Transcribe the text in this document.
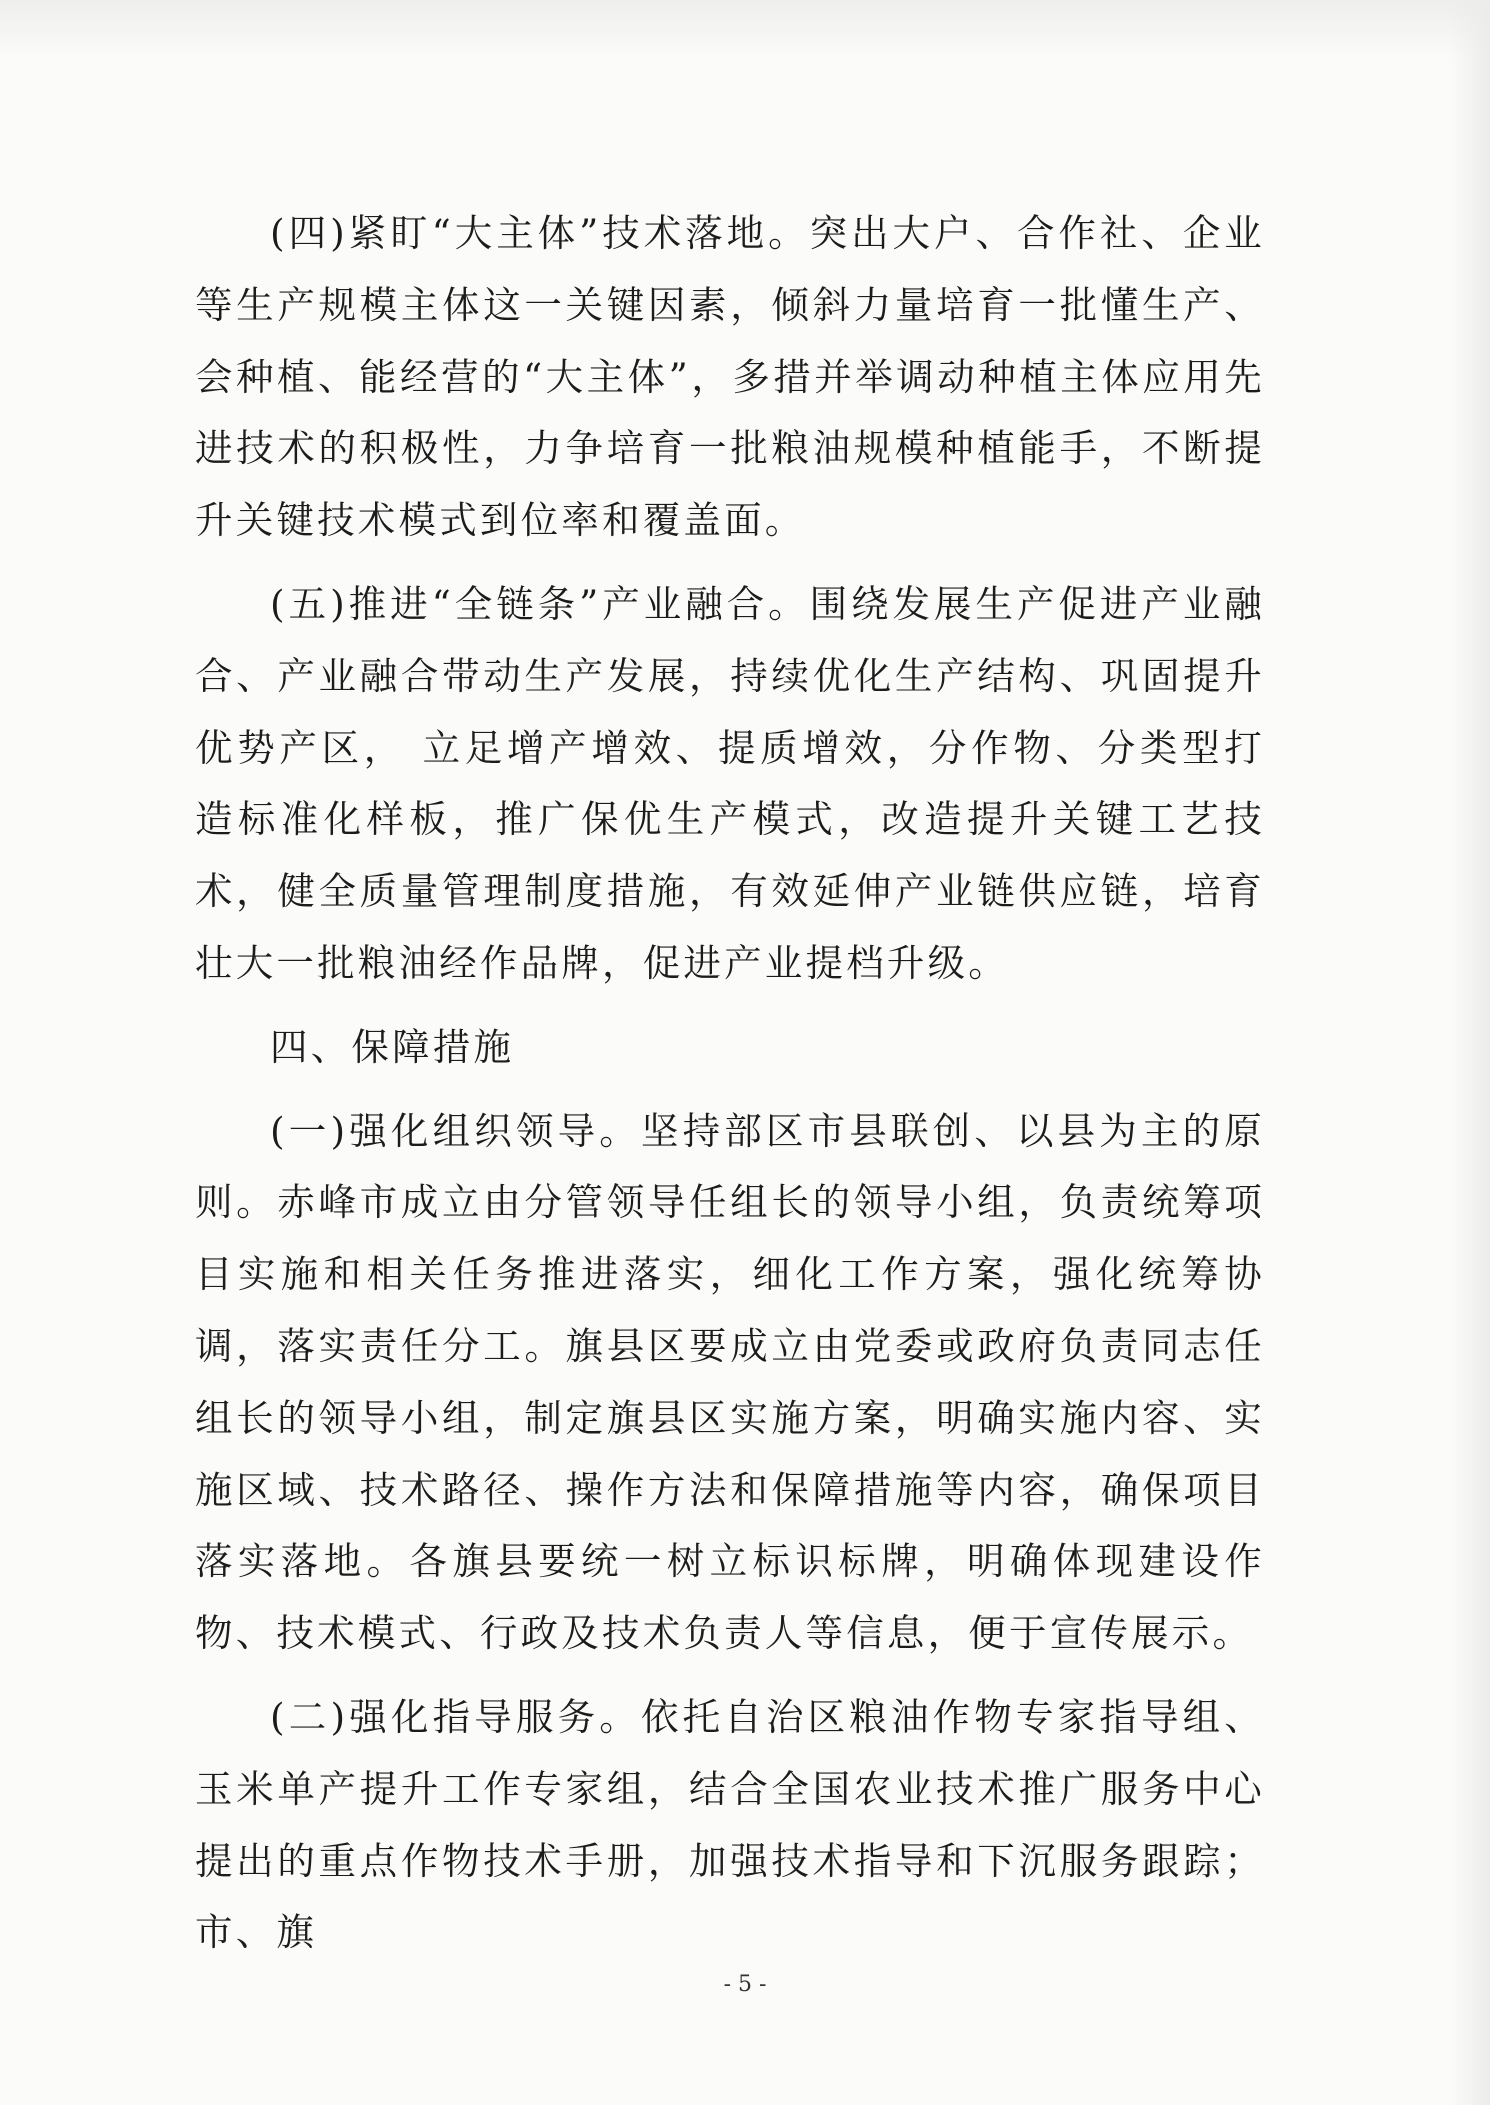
(四)紧盯“大主体”技术落地。突出大户、合作社、企业等生产规模主体这一关键因素，倾斜力量培育一批懂生产、会种植、能经营的“大主体”，多措并举调动种植主体应用先进技术的积极性，力争培育一批粮油规模种植能手，不断提升关键技术模式到位率和覆盖面。

(五)推进“全链条”产业融合。围绕发展生产促进产业融合、产业融合带动生产发展，持续优化生产结构、巩固提升优势产区， 立足增产增效、提质增效，分作物、分类型打造标准化样板，推广保优生产模式，改造提升关键工艺技术，健全质量管理制度措施，有效延伸产业链供应链，培育壮大一批粮油经作品牌，促进产业提档升级。

四、保障措施

(一)强化组织领导。坚持部区市县联创、以县为主的原则。赤峰市成立由分管领导任组长的领导小组，负责统筹项目实施和相关任务推进落实，细化工作方案，强化统筹协调，落实责任分工。旗县区要成立由党委或政府负责同志任组长的领导小组，制定旗县区实施方案，明确实施内容、实施区域、技术路径、操作方法和保障措施等内容，确保项目落实落地。各旗县要统一树立标识标牌，明确体现建设作物、技术模式、行政及技术负责人等信息，便于宣传展示。

(二)强化指导服务。依托自治区粮油作物专家指导组、玉米单产提升工作专家组，结合全国农业技术推广服务中心提出的重点作物技术手册，加强技术指导和下沉服务跟踪；市、旗

- 5 -
